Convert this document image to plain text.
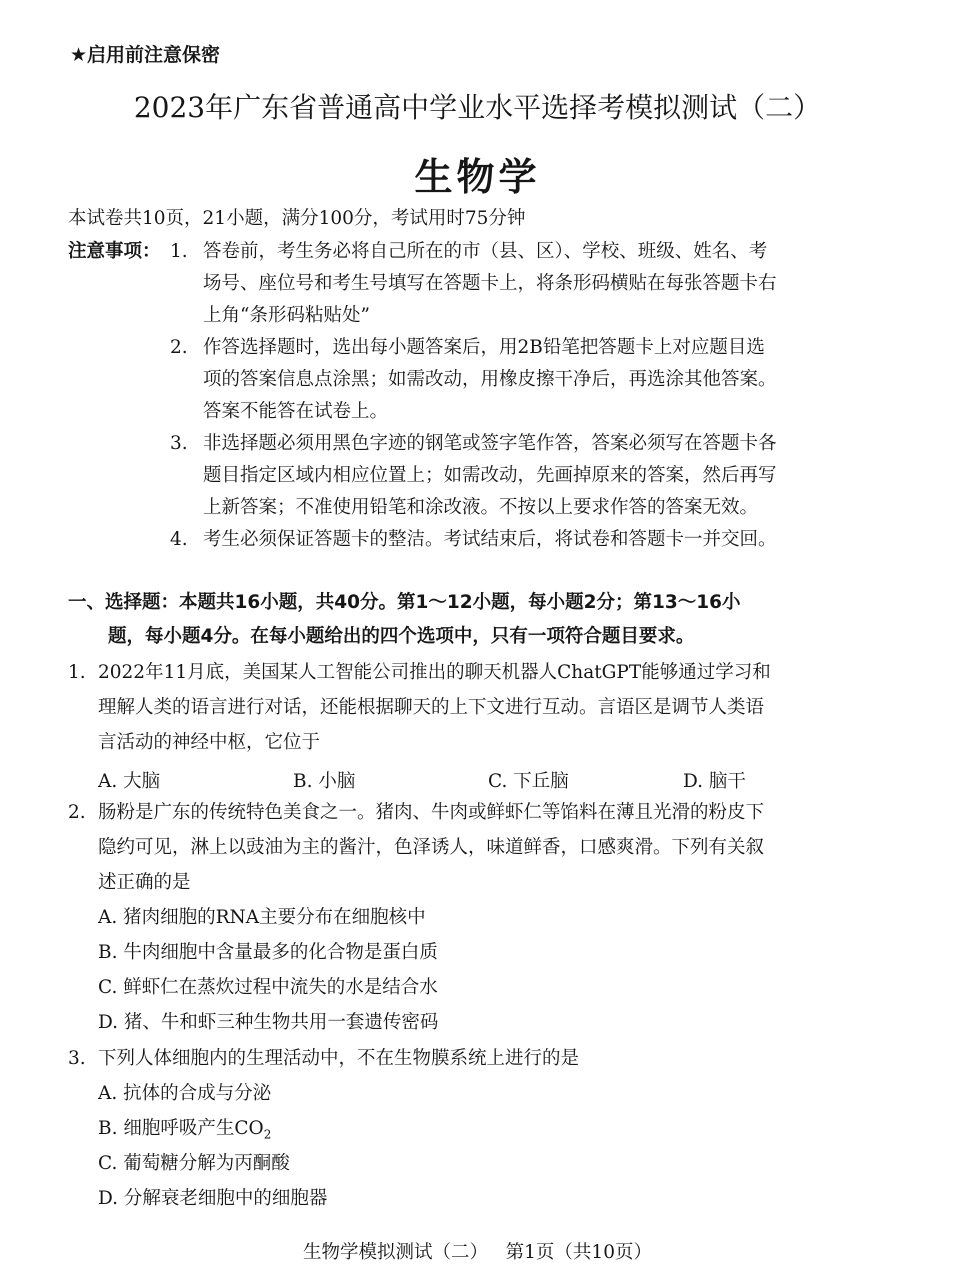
★启用前注意保密
2023年广东省普通高中学业水平选择考模拟测试（二）
生物学
本试卷共10页，21小题，满分100分，考试用时75分钟
注意事项： 1. 答卷前，考生务必将自己所在的市（县、区）、学校、班级、姓名、考
场号、座位号和考生号填写在答题卡上，将条形码横贴在每张答题卡右
上角“条形码粘贴处”
2. 作答选择题时，选出每小题答案后，用2B铅笔把答题卡上对应题目选
项的答案信息点涂黑；如需改动，用橡皮擦干净后，再选涂其他答案。
答案不能答在试卷上。
3. 非选择题必须用黑色字迹的钢笔或签字笔作答，答案必须写在答题卡各
题目指定区域内相应位置上；如需改动，先画掉原来的答案，然后再写
上新答案；不准使用铅笔和涂改液。不按以上要求作答的答案无效。
4. 考生必须保证答题卡的整洁。考试结束后，将试卷和答题卡一并交回。
一、选择题：本题共16小题，共40分。第1～12小题，每小题2分；第13～16小
题，每小题4分。在每小题给出的四个选项中，只有一项符合题目要求。
1. 2022年11月底，美国某人工智能公司推出的聊天机器人ChatGPT能够通过学习和
理解人类的语言进行对话，还能根据聊天的上下文进行互动。言语区是调节人类语
言活动的神经中枢，它位于
A. 大脑	B. 小脑	C. 下丘脑	D. 脑干
2. 肠粉是广东的传统特色美食之一。猪肉、牛肉或鲜虾仁等馅料在薄且光滑的粉皮下
隐约可见，淋上以豉油为主的酱汁，色泽诱人，味道鲜香，口感爽滑。下列有关叙
述正确的是
A. 猪肉细胞的RNA主要分布在细胞核中
B. 牛肉细胞中含量最多的化合物是蛋白质
C. 鲜虾仁在蒸炊过程中流失的水是结合水
D. 猪、牛和虾三种生物共用一套遗传密码
3. 下列人体细胞内的生理活动中，不在生物膜系统上进行的是
A. 抗体的合成与分泌
B. 细胞呼吸产生$CO_2$
C. 葡萄糖分解为丙酮酸
D. 分解衰老细胞中的细胞器
生物学模拟测试（二）   第1页（共10页）
